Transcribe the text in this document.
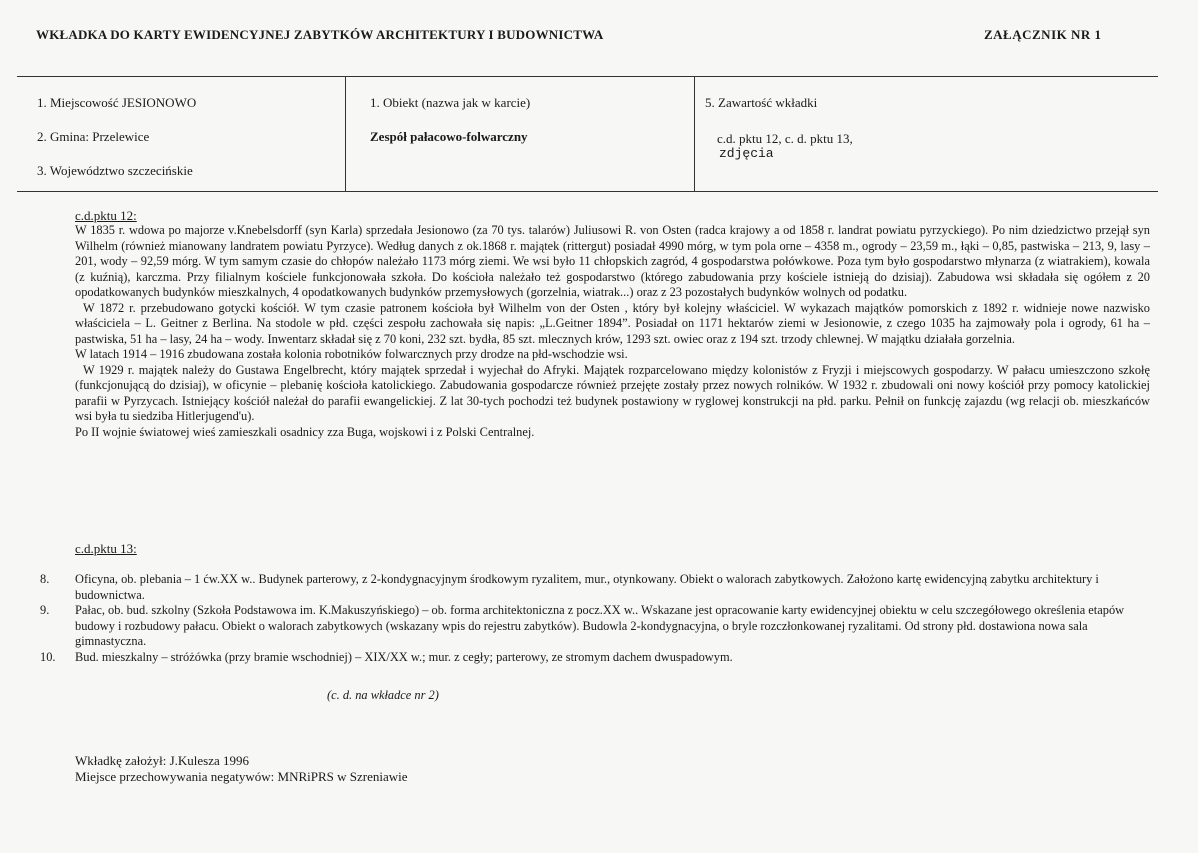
WKŁADKA DO KARTY EWIDENCYJNEJ ZABYTKÓW ARCHITEKTURY I BUDOWNICTWA	ZAŁĄCZNIK NR 1
1. Miejscowość JESIONOWO
2. Gmina: Przelewice
3. Województwo szczecińskie
1. Obiekt (nazwa jak w karcie)
Zespół pałacowo-folwarczny
5. Zawartość wkładki
c.d. pktu 12, c. d. pktu 13,
zdjęcia
c.d.pktu 12:

W 1835 r. wdowa po majorze v.Knebelsdorff (syn Karla) sprzedała Jesionowo (za 70 tys. talarów) Juliusowi R. von Osten (radca krajowy a od 1858 r. landrat powiatu pyrzyckiego). Po nim dziedzictwo przejął syn Wilhelm (również mianowany landratem powiatu Pyrzyce). Według danych z ok.1868 r. majątek (rittergut) posiadał 4990 mórg, w tym pola orne – 4358 m., ogrody – 23,59 m., łąki – 0,85, pastwiska – 213, 9, lasy – 201, wody – 92,59 mórg. W tym samym czasie do chłopów należało 1173 mórg ziemi. We wsi było 11 chłopskich zagród, 4 gospodarstwa połówkowe. Poza tym było gospodarstwo młynarza (z wiatrakiem), kowala (z kuźnią), karczma. Przy filialnym kościele funkcjonowała szkoła. Do kościoła należało też gospodarstwo (którego zabudowania przy kościele istnieją do dzisiaj). Zabudowa wsi składała się ogółem z 20 opodatkowanych budynków mieszkalnych, 4 opodatkowanych budynków przemysłowych (gorzelnia, wiatrak...) oraz z 23 pozostałych budynków wolnych od podatku.

W 1872 r. przebudowano gotycki kościół. W tym czasie patronem kościoła był Wilhelm von der Osten , który był kolejny właściciel. W wykazach majątków pomorskich z 1892 r. widnieje nowe nazwisko właściciela – L. Geitner z Berlina. Na stodole w płd. części zespołu zachowała się napis: „L.Geitner 1894”. Posiadał on 1171 hektarów ziemi w Jesionowie, z czego 1035 ha zajmowały pola i ogrody, 61 ha – pastwiska, 51 ha – lasy, 24 ha – wody. Inwentarz składał się z 70 koni, 232 szt. bydła, 85 szt. mlecznych krów, 1293 szt. owiec oraz z 194 szt. trzody chlewnej. W majątku działała gorzelnia.

W latach 1914 – 1916 zbudowana została kolonia robotników folwarcznych przy drodze na płd-wschodzie wsi.

W 1929 r. majątek należy do Gustawa Engelbrecht, który majątek sprzedał i wyjechał do Afryki. Majątek rozparcelowano między kolonistów z Fryzji i miejscowych gospodarzy. W pałacu umieszczono szkołę (funkcjonującą do dzisiaj), w oficynie – plebanię kościoła katolickiego. Zabudowania gospodarcze również przejęte zostały przez nowych rolników. W 1932 r. zbudowali oni nowy kościół przy pomocy katolickiej parafii w Pyrzycach. Istniejący kościół należał do parafii ewangelickiej. Z lat 30-tych pochodzi też budynek postawiony w ryglowej konstrukcji na płd. parku. Pełnił on funkcję zajazdu (wg relacji ob. mieszkańców wsi była tu siedziba Hitlerjugend'u).

Po II wojnie światowej wieś zamieszkali osadnicy zza Buga, wojskowi i z Polski Centralnej.

c.d.pktu 13:
8.	Oficyna, ob. plebania – 1 ćw.XX w.. Budynek parterowy, z 2-kondygnacyjnym środkowym ryzalitem, mur., otynkowany. Obiekt o walorach zabytkowych. Założono kartę ewidencyjną zabytku architektury i budownictwa.
9.	Pałac, ob. bud. szkolny (Szkoła Podstawowa im. K.Makuszyńskiego) – ob. forma architektoniczna z pocz.XX w.. Wskazane jest opracowanie karty ewidencyjnej obiektu w celu szczegółowego określenia etapów budowy i rozbudowy pałacu. Obiekt o walorach zabytkowych (wskazany wpis do rejestru zabytków). Budowla 2-kondygnacyjna, o bryle rozczłonkowanej ryzalitami. Od strony płd. dostawiona nowa sala gimnastyczna.
10.	Bud. mieszkalny – stróżówka (przy bramie wschodniej) – XIX/XX w.; mur. z cegły; parterowy, ze stromym dachem dwuspadowym.
(c. d. na wkładce nr 2)
Wkładkę założył: J.Kulesza 1996
Miejsce przechowywania negatywów: MNRiPRS w Szreniawie
